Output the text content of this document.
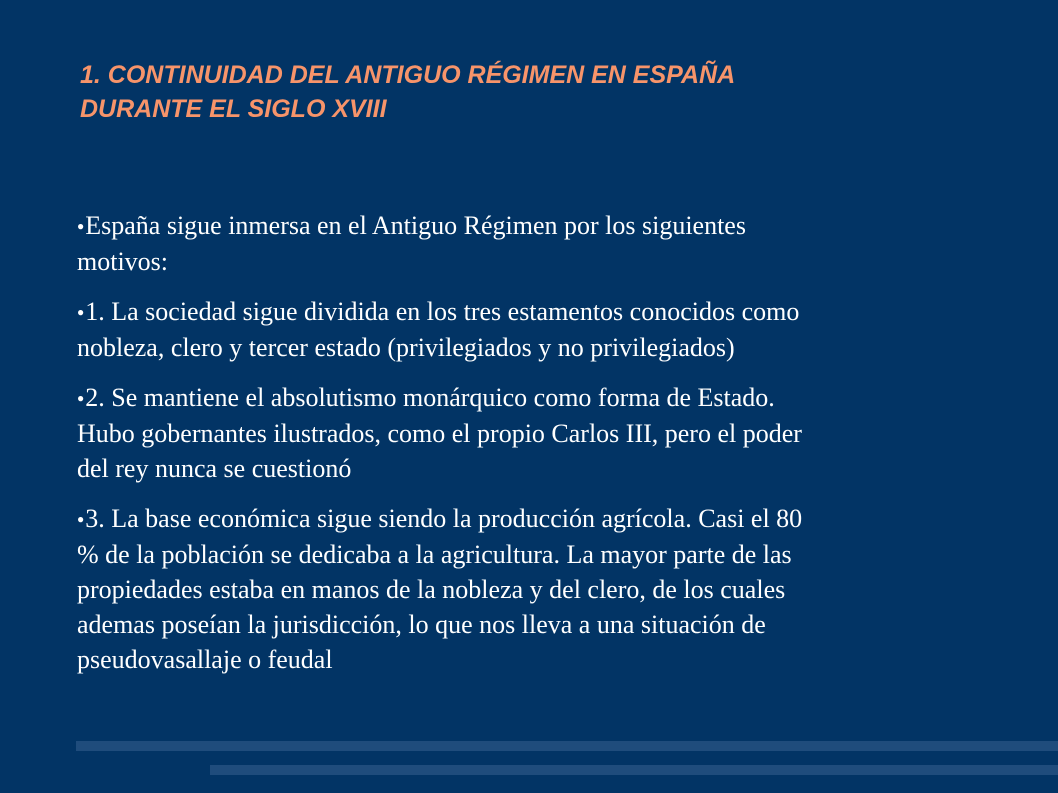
1. CONTINUIDAD DEL ANTIGUO RÉGIMEN EN ESPAÑA
DURANTE EL SIGLO XVIII
●España sigue inmersa en el Antiguo Régimen por los siguientes
motivos:
●1. La sociedad sigue dividida en los tres estamentos conocidos como
nobleza, clero y tercer estado (privilegiados y no privilegiados)
●2. Se mantiene el absolutismo monárquico como forma de Estado.
Hubo gobernantes ilustrados, como el propio Carlos III, pero el poder
del rey nunca se cuestionó
●3. La base económica sigue siendo la producción agrícola. Casi el 80
% de la población se dedicaba a la agricultura. La mayor parte de las
propiedades estaba en manos de la nobleza y del clero, de los cuales
ademas poseían la jurisdicción, lo que nos lleva a una situación de
pseudovasallaje o feudal
